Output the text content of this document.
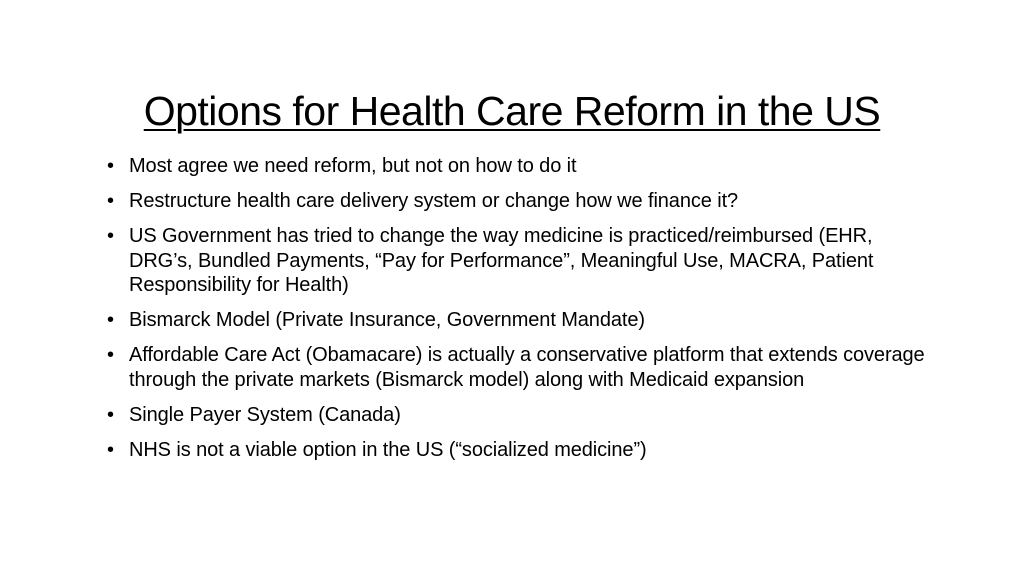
Options for Health Care Reform in the US
• Most agree we need reform, but not on how to do it
• Restructure health care delivery system or change how we finance it?
• US Government has tried to change the way medicine is practiced/reimbursed (EHR, DRG’s, Bundled Payments, “Pay for Performance”, Meaningful Use, MACRA, Patient Responsibility for Health)
• Bismarck Model (Private Insurance, Government Mandate)
• Affordable Care Act (Obamacare) is actually a conservative platform that extends coverage through the private markets (Bismarck model) along with Medicaid expansion
• Single Payer System (Canada)
• NHS is not a viable option in the US (“socialized medicine”)
